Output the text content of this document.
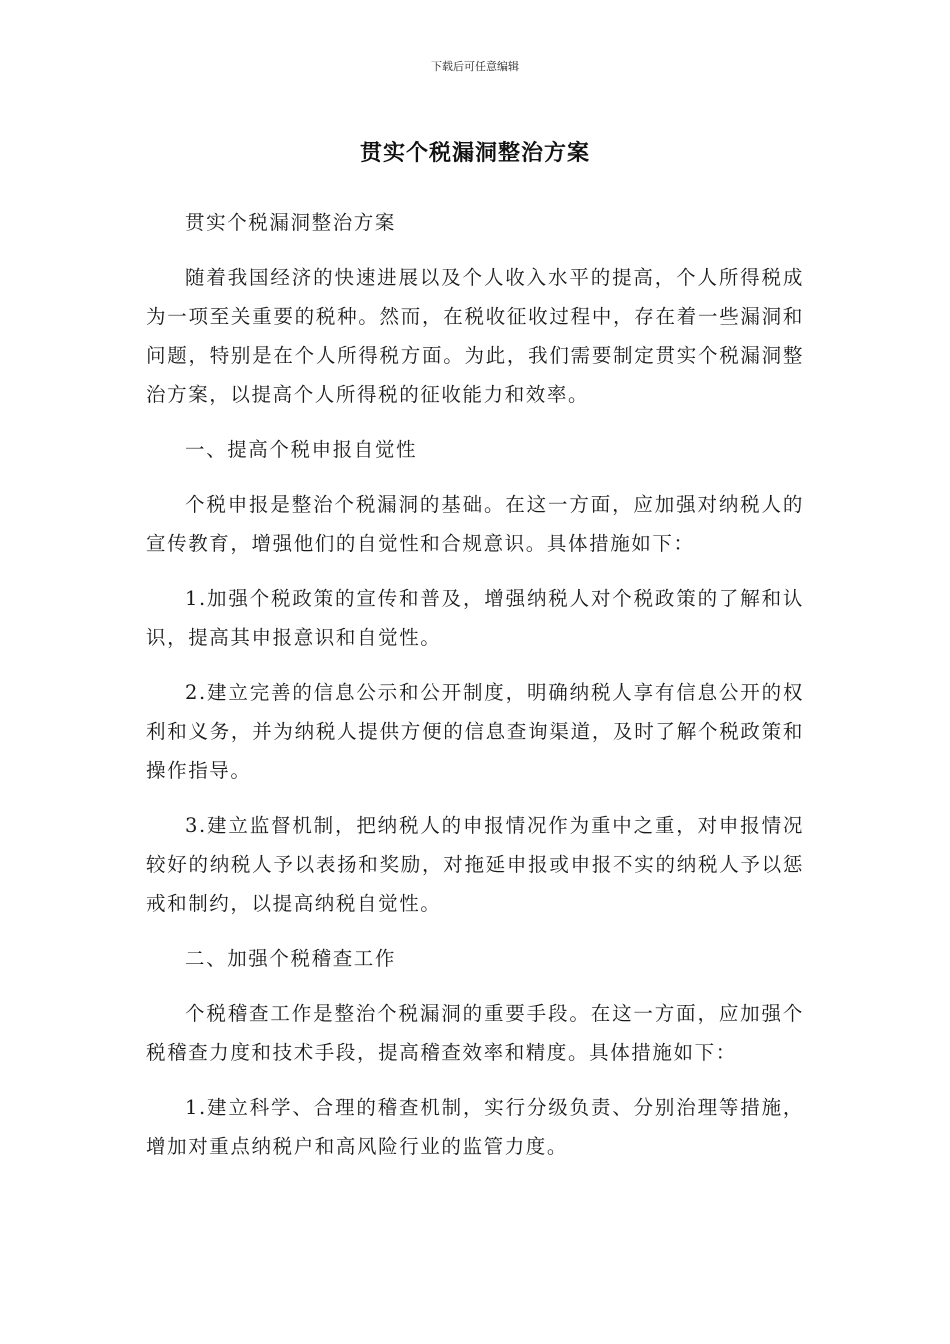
下载后可任意编辑
贯实个税漏洞整治方案

贯实个税漏洞整治方案

随着我国经济的快速进展以及个人收入水平的提高，个人所得税成为一项至关重要的税种。然而，在税收征收过程中，存在着一些漏洞和问题，特别是在个人所得税方面。为此，我们需要制定贯实个税漏洞整治方案，以提高个人所得税的征收能力和效率。

一、提高个税申报自觉性

个税申报是整治个税漏洞的基础。在这一方面，应加强对纳税人的宣传教育，增强他们的自觉性和合规意识。具体措施如下：

1.加强个税政策的宣传和普及，增强纳税人对个税政策的了解和认识，提高其申报意识和自觉性。

2.建立完善的信息公示和公开制度，明确纳税人享有信息公开的权利和义务，并为纳税人提供方便的信息查询渠道，及时了解个税政策和操作指导。

3.建立监督机制，把纳税人的申报情况作为重中之重，对申报情况较好的纳税人予以表扬和奖励，对拖延申报或申报不实的纳税人予以惩戒和制约，以提高纳税自觉性。

二、加强个税稽查工作

个税稽查工作是整治个税漏洞的重要手段。在这一方面，应加强个税稽查力度和技术手段，提高稽查效率和精度。具体措施如下：

1.建立科学、合理的稽查机制，实行分级负责、分别治理等措施，增加对重点纳税户和高风险行业的监管力度。
